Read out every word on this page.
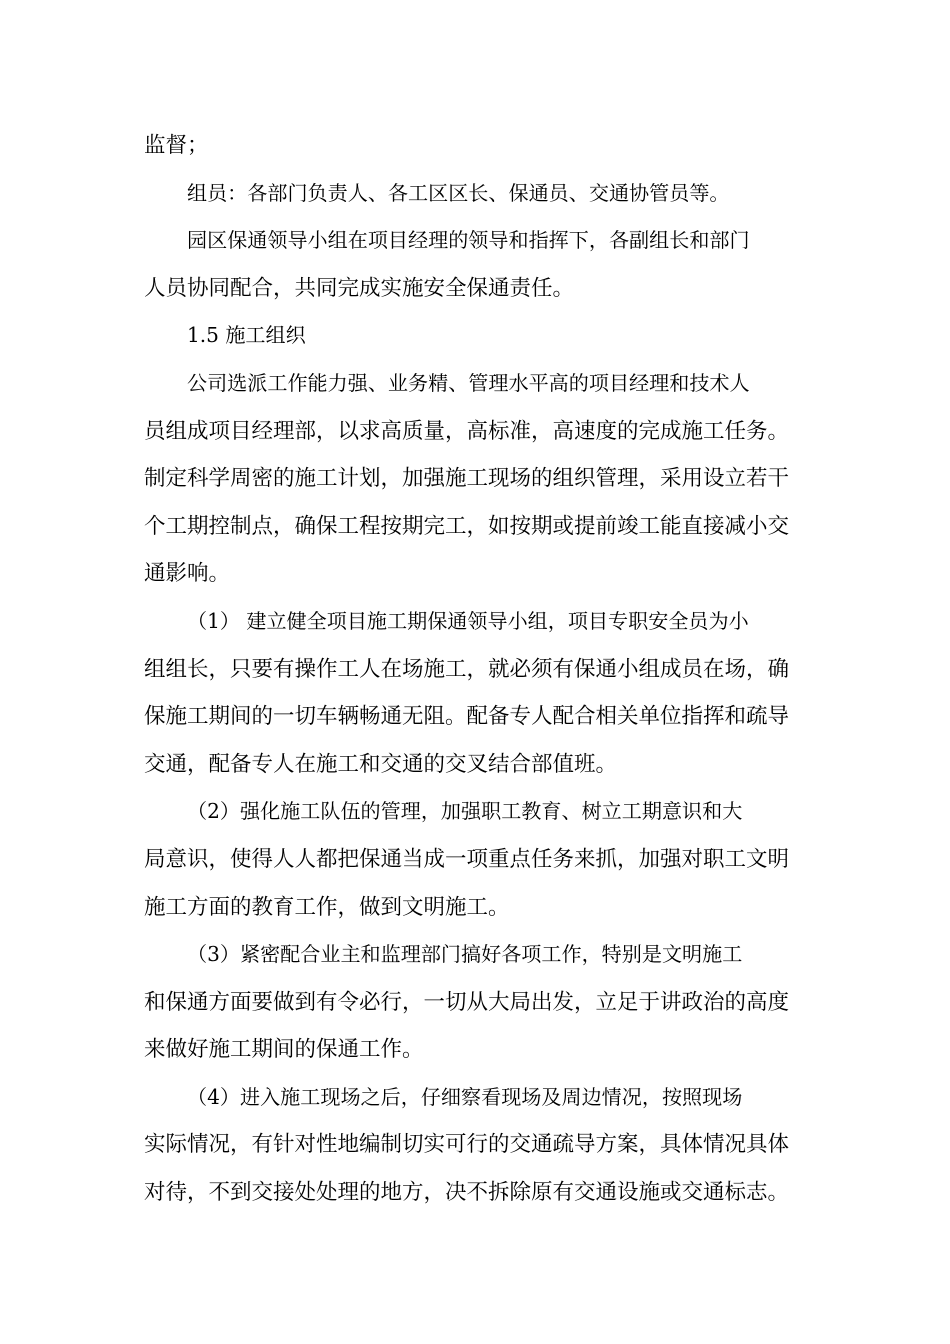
监督；

组员：各部门负责人、各工区区长、保通员、交通协管员等。

园区保通领导小组在项目经理的领导和指挥下，各副组长和部门
人员协同配合，共同完成实施安全保通责任。

1.5 施工组织

公司选派工作能力强、业务精、管理水平高的项目经理和技术人
员组成项目经理部，以求高质量，高标准，高速度的完成施工任务。
制定科学周密的施工计划，加强施工现场的组织管理，采用设立若干
个工期控制点，确保工程按期完工，如按期或提前竣工能直接减小交
通影响。

（1） 建立健全项目施工期保通领导小组，项目专职安全员为小
组组长，只要有操作工人在场施工，就必须有保通小组成员在场，确
保施工期间的一切车辆畅通无阻。配备专人配合相关单位指挥和疏导
交通，配备专人在施工和交通的交叉结合部值班。

（2）强化施工队伍的管理，加强职工教育、树立工期意识和大
局意识，使得人人都把保通当成一项重点任务来抓，加强对职工文明
施工方面的教育工作，做到文明施工。

（3）紧密配合业主和监理部门搞好各项工作，特别是文明施工
和保通方面要做到有令必行，一切从大局出发，立足于讲政治的高度
来做好施工期间的保通工作。

（4）进入施工现场之后，仔细察看现场及周边情况，按照现场
实际情况，有针对性地编制切实可行的交通疏导方案，具体情况具体
对待，不到交接处处理的地方，决不拆除原有交通设施或交通标志。
